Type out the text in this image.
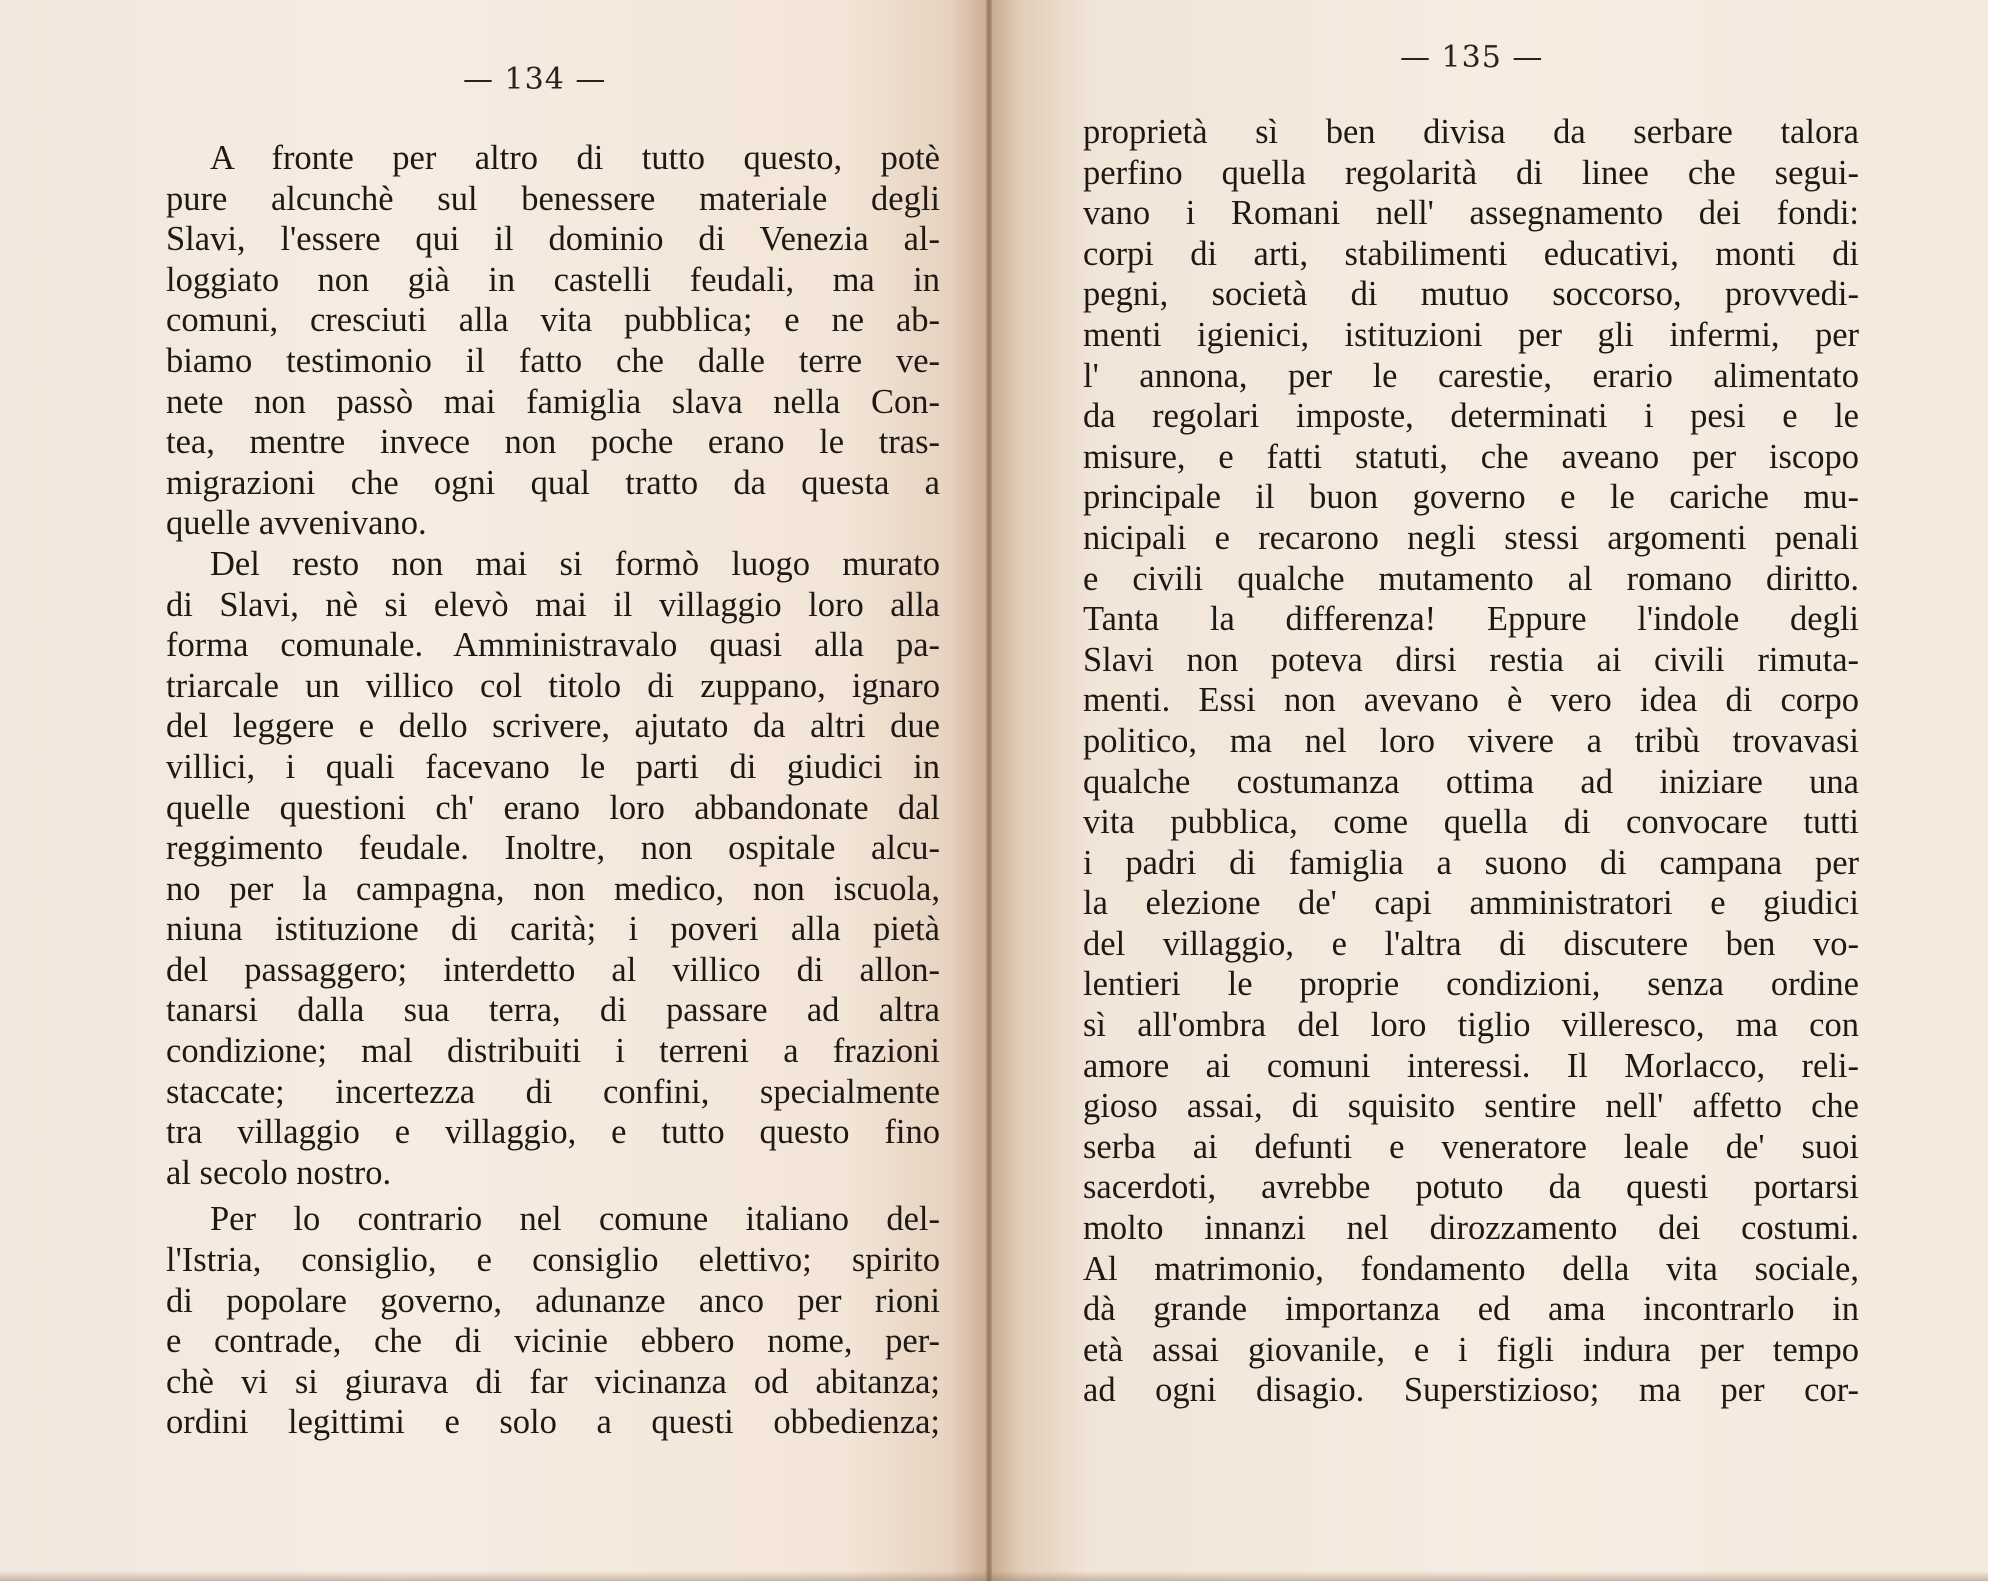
— 134 —
A fronte per altro di tutto questo, potè
pure alcunchè sul benessere materiale degli
Slavi, l'essere qui il dominio di Venezia al-
loggiato non già in castelli feudali, ma in
comuni, cresciuti alla vita pubblica; e ne ab-
biamo testimonio il fatto che dalle terre ve-
nete non passò mai famiglia slava nella Con-
tea, mentre invece non poche erano le tras-
migrazioni che ogni qual tratto da questa a
quelle avvenivano.
Del resto non mai si formò luogo murato
di Slavi, nè si elevò mai il villaggio loro alla
forma comunale. Amministravalo quasi alla pa-
triarcale un villico col titolo di zuppano, ignaro
del leggere e dello scrivere, ajutato da altri due
villici, i quali facevano le parti di giudici in
quelle questioni ch' erano loro abbandonate dal
reggimento feudale. Inoltre, non ospitale alcu-
no per la campagna, non medico, non iscuola,
niuna istituzione di carità; i poveri alla pietà
del passaggero; interdetto al villico di allon-
tanarsi dalla sua terra, di passare ad altra
condizione; mal distribuiti i terreni a frazioni
staccate; incertezza di confini, specialmente
tra villaggio e villaggio, e tutto questo fino
al secolo nostro.
Per lo contrario nel comune italiano del-
l'Istria, consiglio, e consiglio elettivo; spirito
di popolare governo, adunanze anco per rioni
e contrade, che di vicinie ebbero nome, per-
chè vi si giurava di far vicinanza od abitanza;
ordini legittimi e solo a questi obbedienza;
— 135 —
proprietà sì ben divisa da serbare talora
perfino quella regolarità di linee che segui-
vano i Romani nell' assegnamento dei fondi:
corpi di arti, stabilimenti educativi, monti di
pegni, società di mutuo soccorso, provvedi-
menti igienici, istituzioni per gli infermi, per
l' annona, per le carestie, erario alimentato
da regolari imposte, determinati i pesi e le
misure, e fatti statuti, che aveano per iscopo
principale il buon governo e le cariche mu-
nicipali e recarono negli stessi argomenti penali
e civili qualche mutamento al romano diritto.
Tanta la differenza! Eppure l'indole degli
Slavi non poteva dirsi restia ai civili rimuta-
menti. Essi non avevano è vero idea di corpo
politico, ma nel loro vivere a tribù trovavasi
qualche costumanza ottima ad iniziare una
vita pubblica, come quella di convocare tutti
i padri di famiglia a suono di campana per
la elezione de' capi amministratori e giudici
del villaggio, e l'altra di discutere ben vo-
lentieri le proprie condizioni, senza ordine
sì all'ombra del loro tiglio villeresco, ma con
amore ai comuni interessi. Il Morlacco, reli-
gioso assai, di squisito sentire nell' affetto che
serba ai defunti e veneratore leale de' suoi
sacerdoti, avrebbe potuto da questi portarsi
molto innanzi nel dirozzamento dei costumi.
Al matrimonio, fondamento della vita sociale,
dà grande importanza ed ama incontrarlo in
età assai giovanile, e i figli indura per tempo
ad ogni disagio. Superstizioso; ma per cor-
